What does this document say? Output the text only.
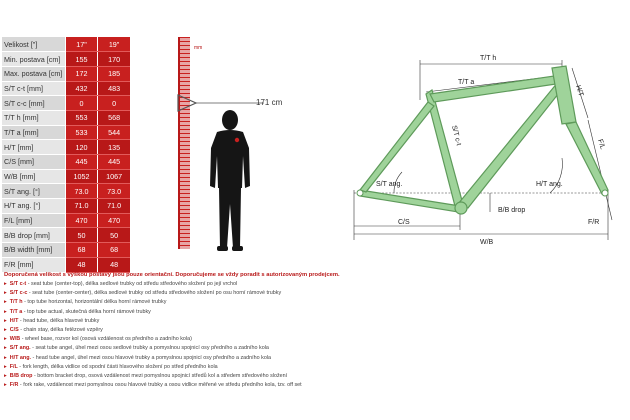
Velikost ["]	17"	19"
Min. postava [cm]	155	170
Max. postava [cm]	172	185
S/T c-t [mm]	432	483
S/T c-c [mm]	0	0
T/T h [mm]	553	568
T/T a [mm]	533	544
H/T [mm]	120	135
C/S [mm]	445	445
W/B [mm]	1052	1067
S/T ang. [°]	73.0	73.0
H/T ang. [°]	71.0	71.0
F/L [mm]	470	470
B/B drop [mm]	50	50
B/B width [mm]	68	68
F/R [mm]	48	48
mm
171 cm
T/T h
T/T a
H/T
S/T c-t	F/L
S/T ang.	H/T ang.
B/B drop
C/S
W/B
F/R
Doporučená velikost s výškou postavy jsou pouze orientační. Doporučujeme se vždy poradit s autorizovaným prodejcem.
▸ S/T c-t - seat tube (center-top), délka sedlové trubky od středu středového složení po její vrchol
▸ S/T c-c - seat tube (center-center), délka sedlové trubky od středu středového složení po osu horní rámové trubky
▸ T/T h - top tube horizontal, horizontální délka horní rámové trubky
▸ T/T a - top tube actual, skutečná délka horní rámové trubky
▸ H/T - head tube, délka hlavové trubky
▸ C/S - chain stay, délka řetězové vzpěry
▸ W/B - wheel base, rozvor kol (osová vzdálenost os předního a zadního kola)
▸ S/T ang. - seat tube angel, úhel mezi osou sedlové trubky a pomyslnou spojnicí osy předního a zadního kola
▸ H/T ang. - head tube angel, úhel mezi osou hlavové trubky a pomyslnou spojnicí osy předního a zadního kola
▸ F/L - fork length, délka vidlice od spodní části hlavového složení po střed předního kola
▸ B/B drop - bottom bracket drop, osová vzdálenost mezi pomyslnou spojnicí středů kol a středem středového složení
▸ F/R - fork rake, vzdálenost mezi pomyslnou osou hlavové trubky a osou vidlice měřené ve středu předního kola, tzv. off set
